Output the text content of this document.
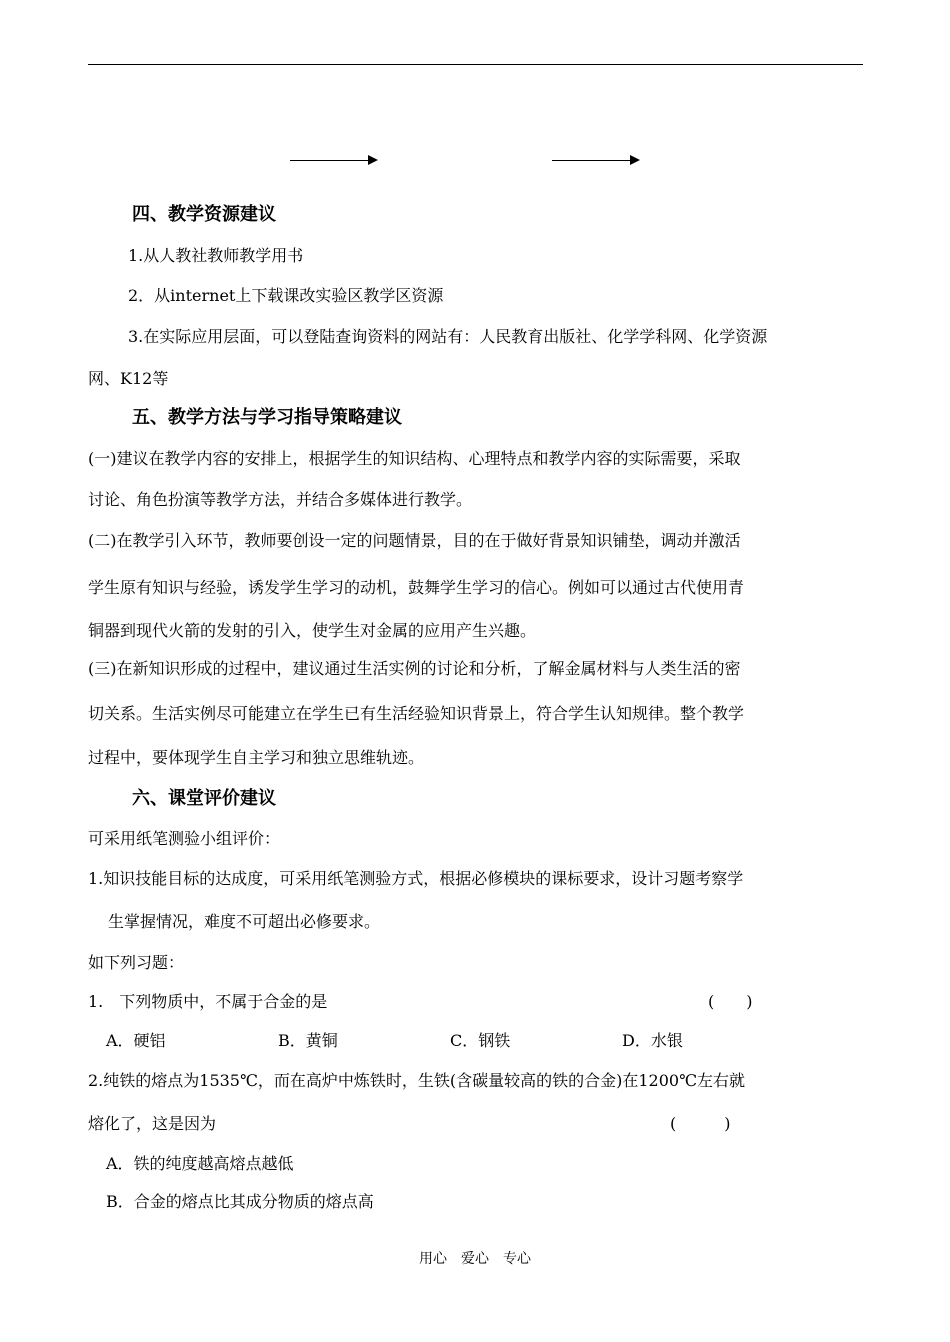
四、教学资源建议
1.从人教社教师教学用书
2．从internet上下载课改实验区教学区资源
3.在实际应用层面，可以登陆查询资料的网站有：人民教育出版社、化学学科网、化学资源
网、K12等
五、教学方法与学习指导策略建议
(一)建议在教学内容的安排上，根据学生的知识结构、心理特点和教学内容的实际需要，采取
讨论、角色扮演等教学方法，并结合多媒体进行教学。
(二)在教学引入环节，教师要创设一定的问题情景，目的在于做好背景知识铺垫，调动并激活
学生原有知识与经验，诱发学生学习的动机，鼓舞学生学习的信心。例如可以通过古代使用青
铜器到现代火箭的发射的引入，使学生对金属的应用产生兴趣。
(三)在新知识形成的过程中，建议通过生活实例的讨论和分析，了解金属材料与人类生活的密
切关系。生活实例尽可能建立在学生已有生活经验知识背景上，符合学生认知规律。整个教学
过程中，要体现学生自主学习和独立思维轨迹。
六、课堂评价建议
可采用纸笔测验小组评价：
1.知识技能目标的达成度，可采用纸笔测验方式，根据必修模块的课标要求，设计习题考察学
生掌握情况，难度不可超出必修要求。
如下列习题：
1.　下列物质中，不属于合金的是	(　　)
A．硬铝	B．黄铜	C．钢铁	D．水银
2.纯铁的熔点为1535℃，而在高炉中炼铁时，生铁(含碳量较高的铁的合金)在1200℃左右就
熔化了，这是因为	(　　　)
A．铁的纯度越高熔点越低
B．合金的熔点比其成分物质的熔点高
用心　爱心　专心
